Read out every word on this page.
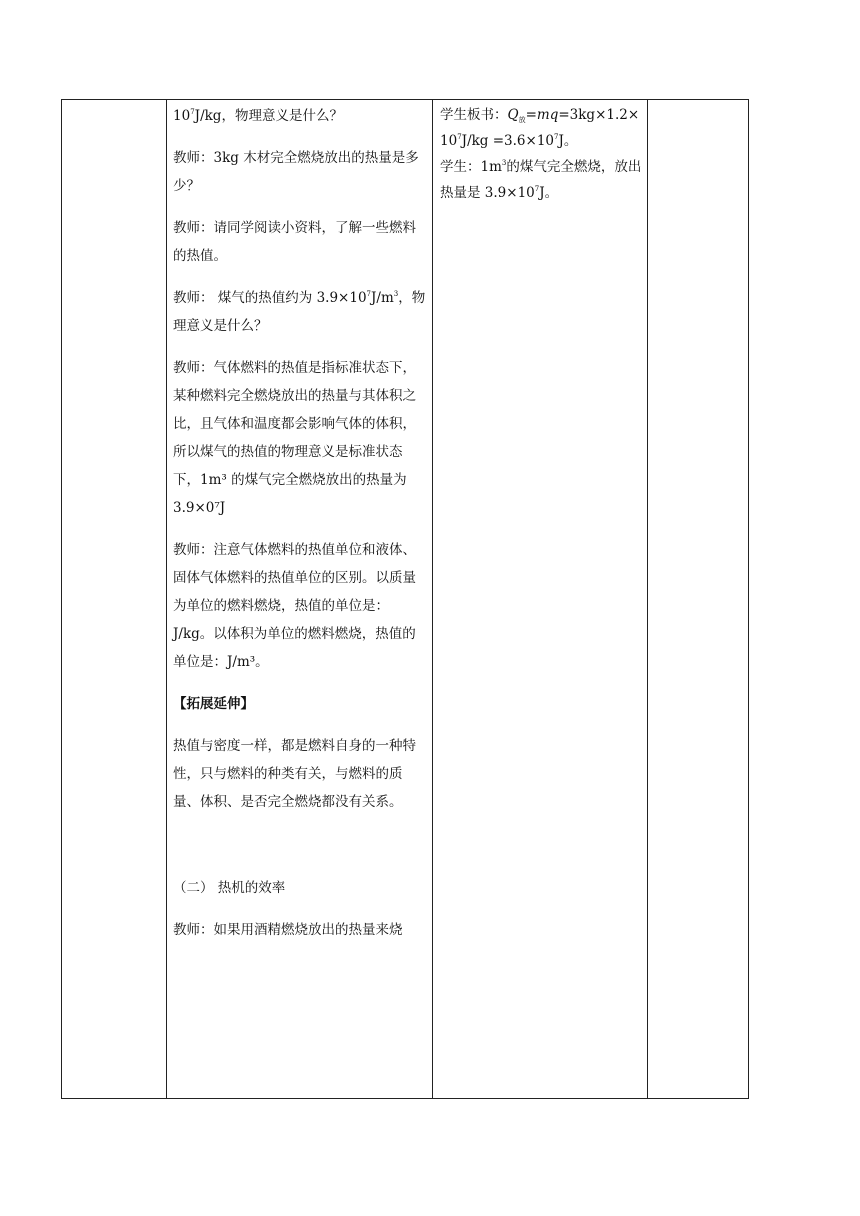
$10^7J/kg$，物理意义是什么？

教师：3kg 木材完全燃烧放出的热量是多少？

教师：请同学阅读小资料，了解一些燃料的热值。

教师： 煤气的热值约为 $3.9\times 10^7J/m^3$，物理意义是什么？

教师：气体燃料的热值是指标准状态下，某种燃料完全燃烧放出的热量与其体积之比，且气体和温度都会影响气体的体积，所以煤气的热值的物理意义是标准状态下，1m³ 的煤气完全燃烧放出的热量为 3.9×0⁷J

教师：注意气体燃料的热值单位和液体、固体气体燃料的热值单位的区别。以质量为单位的燃料燃烧，热值的单位是：J/kg。以体积为单位的燃料燃烧，热值的单位是：J/m³。

【拓展延伸】

热值与密度一样，都是燃料自身的一种特性，只与燃料的种类有关，与燃料的质量、体积、是否完全燃烧都没有关系。

（二） 热机的效率

教师：如果用酒精燃烧放出的热量来烧

学生板书：$Q_放=mq=3kg\times 1.2\times$
$10^7J/kg =3.6\times 10^7J$。

学生：$1m^3$的煤气完全燃烧，放出热量是 $3.9\times 10^7J$。
